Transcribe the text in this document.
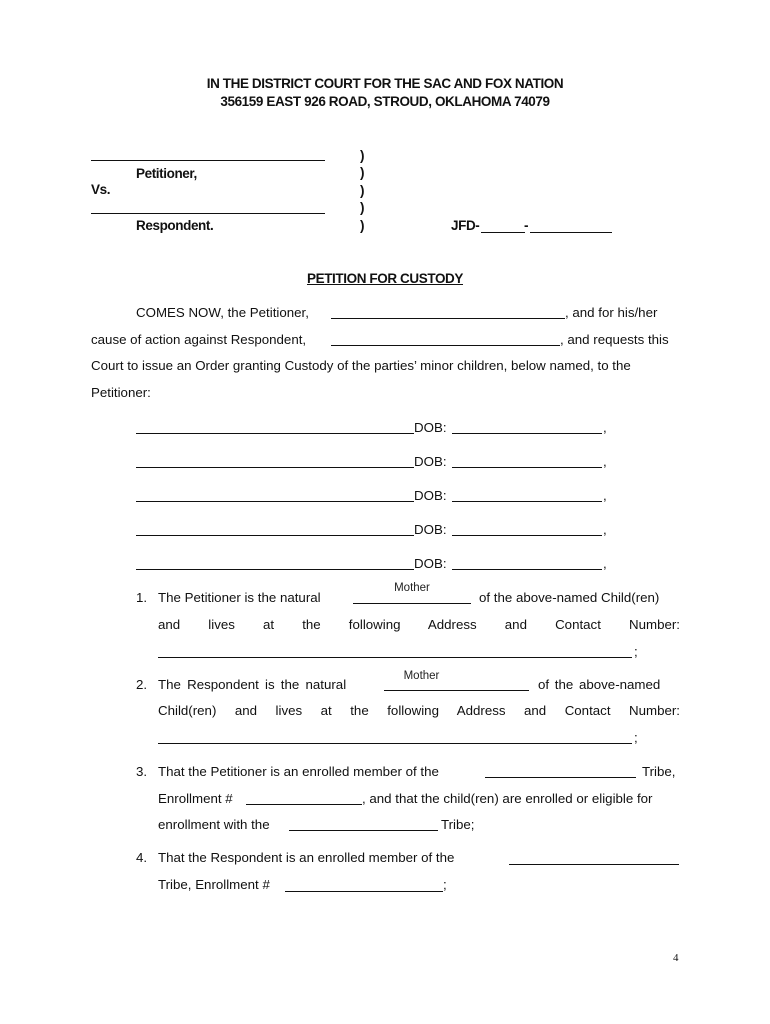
IN THE DISTRICT COURT FOR THE SAC AND FOX NATION
356159 EAST 926 ROAD, STROUD, OKLAHOMA 74079
Petitioner,
Vs.
Respondent.
)
)
)
)
)	JFD-	-
PETITION FOR CUSTODY
COMES NOW, the Petitioner,	, and for his/her
cause of action against Respondent,	, and requests this
Court to issue an Order granting Custody of the parties’ minor children, below named, to the
Petitioner:
DOB:	,
DOB:	,
DOB:	,
DOB:	,
DOB:	,
1. The Petitioner is the natural
Mother
of the above-named Child(ren)
and lives at the following Address and Contact Number:
;
2. The Respondent is the natural
Mother
of the above-named
Child(ren) and lives at the following Address and Contact Number:
;
3. That the Petitioner is an enrolled member of the	Tribe,
Enrollment #	, and that the child(ren) are enrolled or eligible for
enrollment with the	Tribe;
4. That the Respondent is an enrolled member of the
Tribe, Enrollment #	;
4
